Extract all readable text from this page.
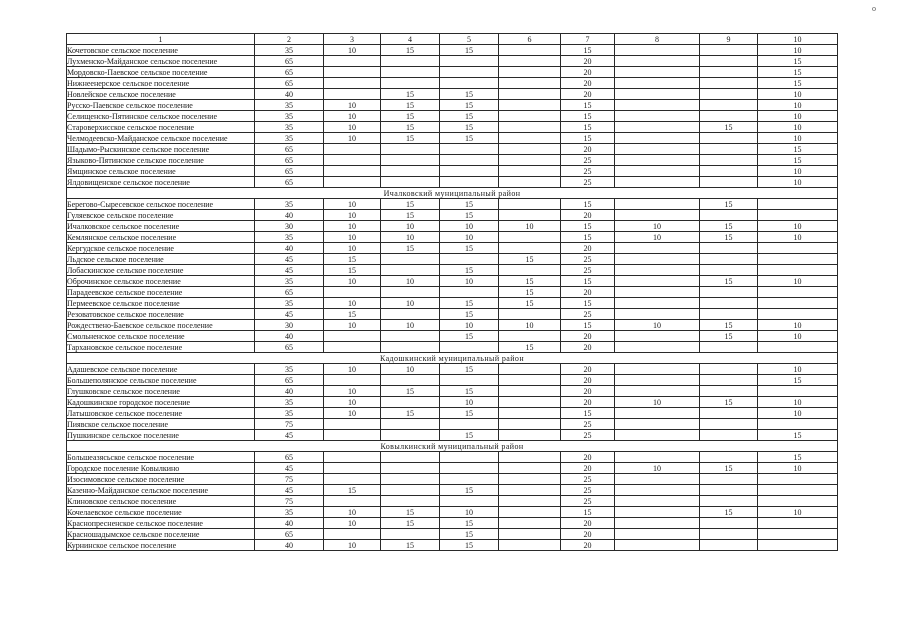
o
1	2	3	4	5	6	7	8	9	10
Кочетовское сельское поселение	35	10	15	15		15			10
Лухменско-Майданское сельское поселение	65					20			15
Мордовско-Паевское сельское поселение	65					20			15
Нижнеенерское сельское поселение	65					20			15
Новлейское сельское поселение	40		15	15		20			10
Русско-Паевское сельское поселение	35	10	15	15		15			10
Селищенско-Пятинское сельское поселение	35	10	15	15		15			10
Староверхисское сельское поселение	35	10	15	15		15		15	10
Челмодеевско-Майданское сельское поселение	35	10	15	15		15			10
Шадымо-Рыскинское сельское поселение	65					20			15
Языково-Пятинское сельское поселение	65					25			15
Ямщинское сельское поселение	65					25			10
Ялдовищенское сельское поселение	65					25			10
Ичалковский муниципальный район									
Берегово-Сыресевское сельское поселение	35	10	15	15		15		15	
Гуляевское сельское поселение	40	10	15	15		20			
Ичалковское сельское поселение	30	10	10	10	10	15	10	15	10
Кемлянское сельское поселение	35	10	10	10		15	10	15	10
Кергудское сельское поселение	40	10	15	15		20			
Льдское сельское поселение	45	15			15	25			
Лобаскинское сельское поселение	45	15		15		25			
Оброчинское сельское поселение	35	10	10	10	15	15		15	10
Парадеевское сельское поселение	65				15	20			
Пермеевское сельское поселение	35	10	10	15	15	15			
Резоватовское сельское поселение	45	15		15		25			
Рождествено-Баевское сельское поселение	30	10	10	10	10	15	10	15	10
Смольненское сельское поселение	40			15		20		15	10
Тархановское сельское поселение	65				15	20			
Кадошкинский муниципальный район									
Адашевское сельское поселение	35	10	10	15		20			10
Большеполянское сельское поселение	65					20			15
Глушковское сельское поселение	40	10	15	15		20			
Кадошкинское городское поселение	35	10		10		20	10	15	10
Латышовское сельское поселение	35	10	15	15		15			10
Пиявское сельское поселение	75					25			
Пушкинское сельское поселение	45			15		25			15
Ковылкинский муниципальный район									
Большеазясьское сельское поселение	65					20			15
Городское поселение Ковылкино	45					20	10	15	10
Изосимовское сельское поселение	75					25			
Казенно-Майданское сельское поселение	45	15		15		25			
Клиновское сельское поселение	75					25			
Кочелаевское сельское поселение	35	10	15	10		15		15	10
Краснопресненское сельское поселение	40	10	15	15		20			
Красношадымское сельское поселение	65			15		20			
Курнинское сельское поселение	40	10	15	15		20			
